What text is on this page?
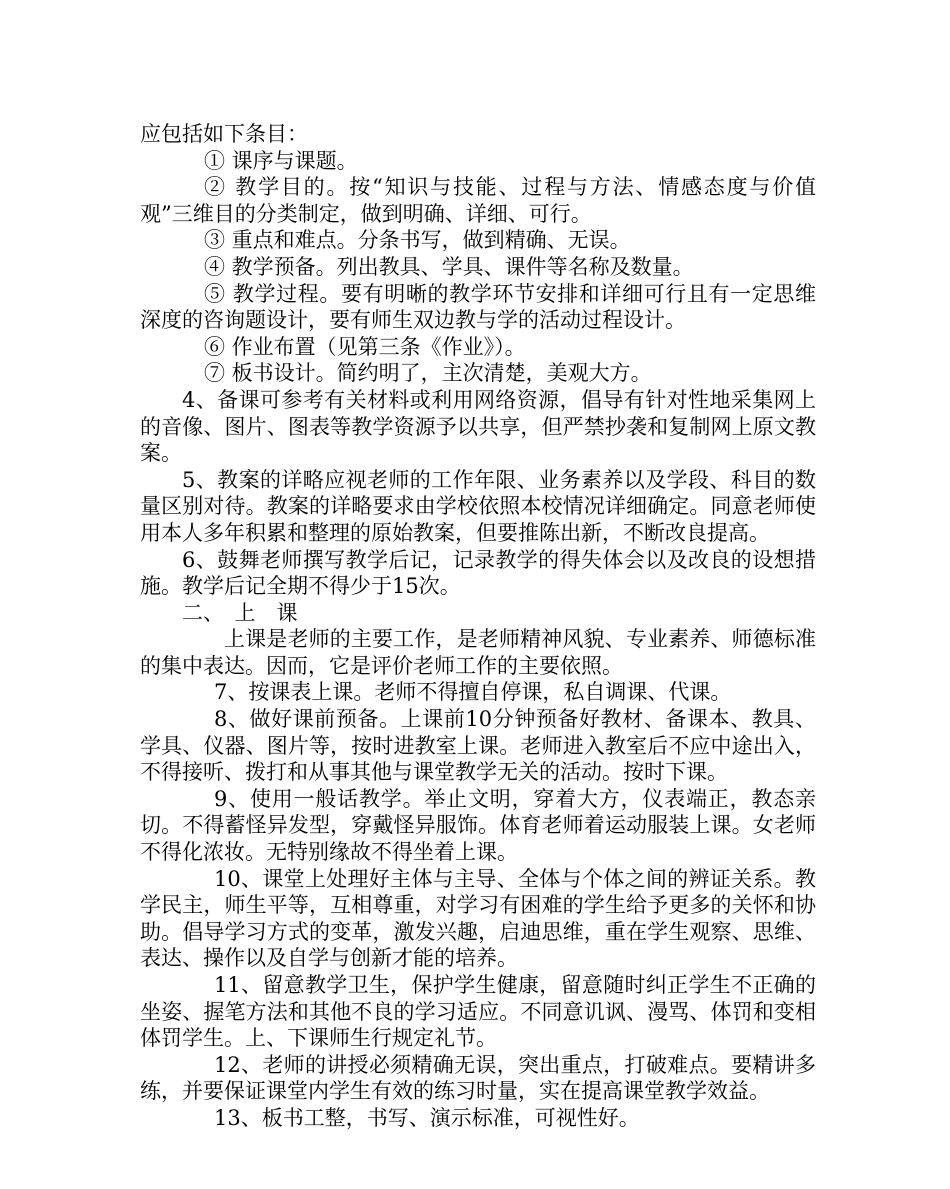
应包括如下条目：

① 课序与课题。

② 教学目的。按“知识与技能、过程与方法、情感态度与价值观”三维目的分类制定，做到明确、详细、可行。

③ 重点和难点。分条书写，做到精确、无误。

④ 教学预备。列出教具、学具、课件等名称及数量。

⑤ 教学过程。要有明晰的教学环节安排和详细可行且有一定思维深度的咨询题设计，要有师生双边教与学的活动过程设计。

⑥ 作业布置（见第三条《作业》）。

⑦ 板书设计。简约明了，主次清楚，美观大方。

4、备课可参考有关材料或利用网络资源，倡导有针对性地采集网上的音像、图片、图表等教学资源予以共享，但严禁抄袭和复制网上原文教案。

5、教案的详略应视老师的工作年限、业务素养以及学段、科目的数量区别对待。教案的详略要求由学校依照本校情况详细确定。同意老师使用本人多年积累和整理的原始教案，但要推陈出新，不断改良提高。

6、鼓舞老师撰写教学后记，记录教学的得失体会以及改良的设想措施。教学后记全期不得少于15次。

二、　上　课

上课是老师的主要工作，是老师精神风貌、专业素养、师德标准的集中表达。因而，它是评价老师工作的主要依照。

7、按课表上课。老师不得擅自停课，私自调课、代课。

8、做好课前预备。上课前10分钟预备好教材、备课本、教具、学具、仪器、图片等，按时进教室上课。老师进入教室后不应中途出入，不得接听、拨打和从事其他与课堂教学无关的活动。按时下课。

9、使用一般话教学。举止文明，穿着大方，仪表端正，教态亲切。不得蓄怪异发型，穿戴怪异服饰。体育老师着运动服装上课。女老师不得化浓妆。无特别缘故不得坐着上课。

10、课堂上处理好主体与主导、全体与个体之间的辨证关系。教学民主，师生平等，互相尊重，对学习有困难的学生给予更多的关怀和协助。倡导学习方式的变革，激发兴趣，启迪思维，重在学生观察、思维、表达、操作以及自学与创新才能的培养。

11、留意教学卫生，保护学生健康，留意随时纠正学生不正确的坐姿、握笔方法和其他不良的学习适应。不同意讥讽、漫骂、体罚和变相体罚学生。上、下课师生行规定礼节。

12、老师的讲授必须精确无误，突出重点，打破难点。要精讲多练，并要保证课堂内学生有效的练习时量，实在提高课堂教学效益。

13、板书工整，书写、演示标准，可视性好。
